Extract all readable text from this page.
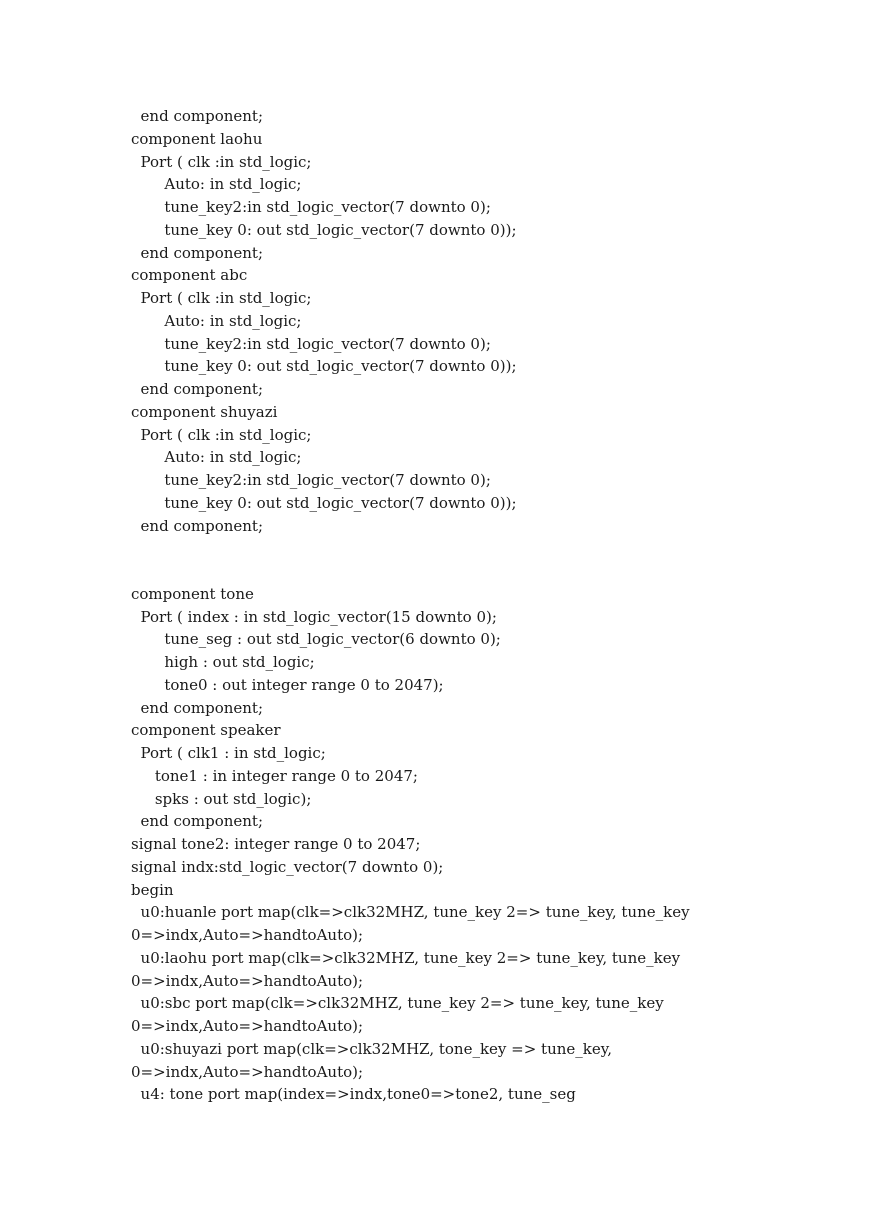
end component;
component laohu
Port ( clk :in std_logic;
Auto: in std_logic;
tune_key2:in std_logic_vector(7 downto 0);
tune_key 0: out std_logic_vector(7 downto 0));
end component;
component abc
Port ( clk :in std_logic;
Auto: in std_logic;
tune_key2:in std_logic_vector(7 downto 0);
tune_key 0: out std_logic_vector(7 downto 0));
end component;
component shuyazi
Port ( clk :in std_logic;
Auto: in std_logic;
tune_key2:in std_logic_vector(7 downto 0);
tune_key 0: out std_logic_vector(7 downto 0));
end component;
component tone
Port ( index : in std_logic_vector(15 downto 0);
tune_seg : out std_logic_vector(6 downto 0);
high : out std_logic;
tone0 : out integer range 0 to 2047);
end component;
component speaker
Port ( clk1 : in std_logic;
tone1 : in integer range 0 to 2047;
spks : out std_logic);
end component;
signal tone2: integer range 0 to 2047;
signal indx:std_logic_vector(7 downto 0);
begin
u0:huanle port map(clk=>clk32MHZ, tune_key 2=> tune_key, tune_key
0=>indx,Auto=>handtoAuto);
u0:laohu port map(clk=>clk32MHZ, tune_key 2=> tune_key, tune_key
0=>indx,Auto=>handtoAuto);
u0:sbc port map(clk=>clk32MHZ, tune_key 2=> tune_key, tune_key
0=>indx,Auto=>handtoAuto);
u0:shuyazi port map(clk=>clk32MHZ, tone_key => tune_key,
0=>indx,Auto=>handtoAuto);
u4: tone port map(index=>indx,tone0=>tone2, tune_seg
